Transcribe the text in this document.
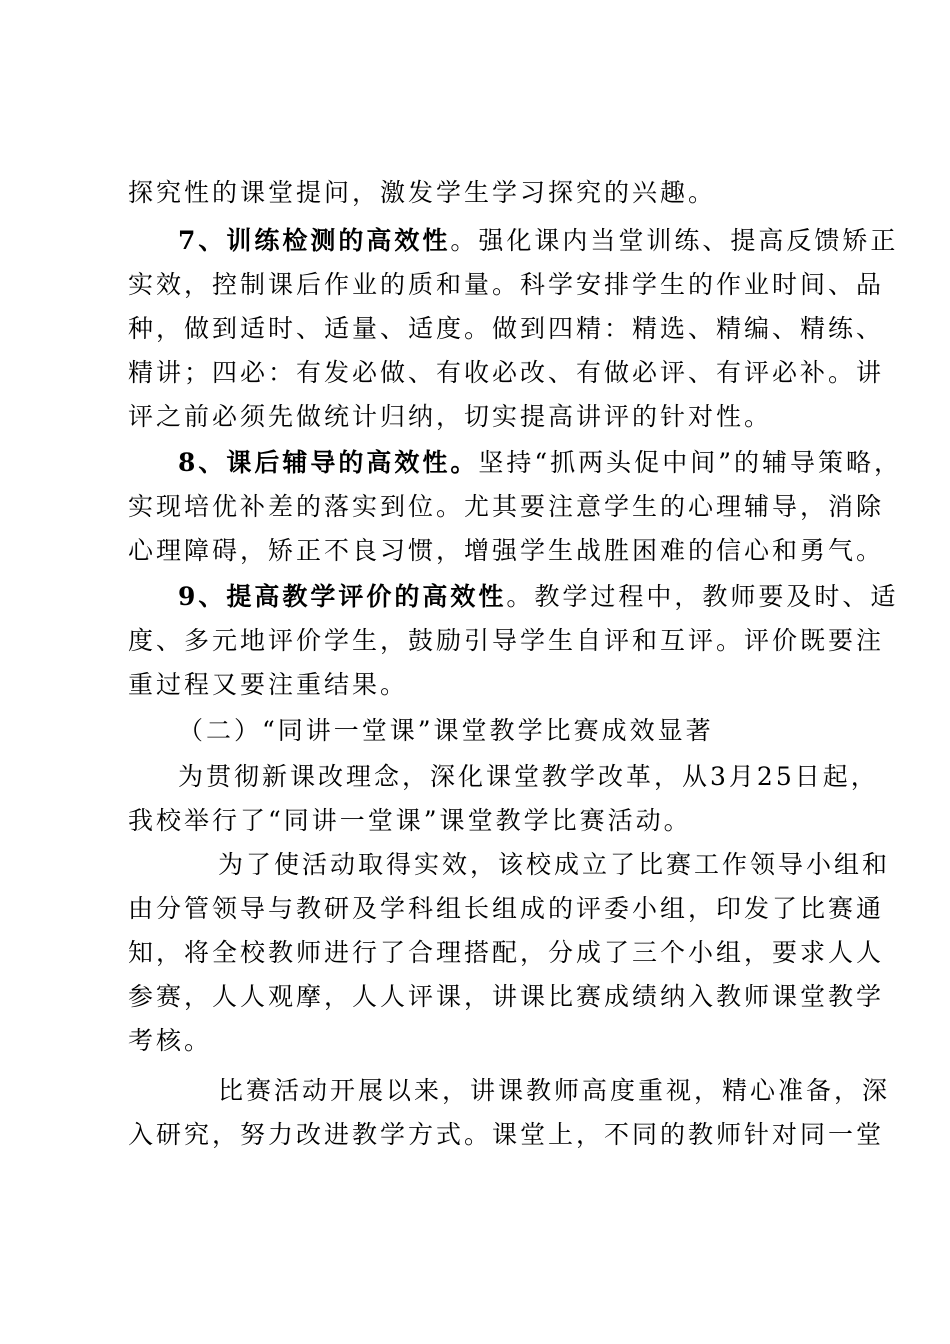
探究性的课堂提问，激发学生学习探究的兴趣。
7、训练检测的高效性。强化课内当堂训练、提高反馈矫正
实效，控制课后作业的质和量。科学安排学生的作业时间、品
种，做到适时、适量、适度。做到四精：精选、精编、精练、
精讲；四必：有发必做、有收必改、有做必评、有评必补。讲
评之前必须先做统计归纳，切实提高讲评的针对性。
8、课后辅导的高效性。坚持“抓两头促中间”的辅导策略，
实现培优补差的落实到位。尤其要注意学生的心理辅导，消除
心理障碍，矫正不良习惯，增强学生战胜困难的信心和勇气。
9、提高教学评价的高效性。教学过程中，教师要及时、适
度、多元地评价学生，鼓励引导学生自评和互评。评价既要注
重过程又要注重结果。
（二）“同讲一堂课”课堂教学比赛成效显著
为贯彻新课改理念，深化课堂教学改革，从3月25日起，
我校举行了“同讲一堂课”课堂教学比赛活动。
为了使活动取得实效，该校成立了比赛工作领导小组和
由分管领导与教研及学科组长组成的评委小组，印发了比赛通
知，将全校教师进行了合理搭配，分成了三个小组，要求人人
参赛，人人观摩，人人评课，讲课比赛成绩纳入教师课堂教学
考核。
比赛活动开展以来，讲课教师高度重视，精心准备，深
入研究，努力改进教学方式。课堂上，不同的教师针对同一堂
